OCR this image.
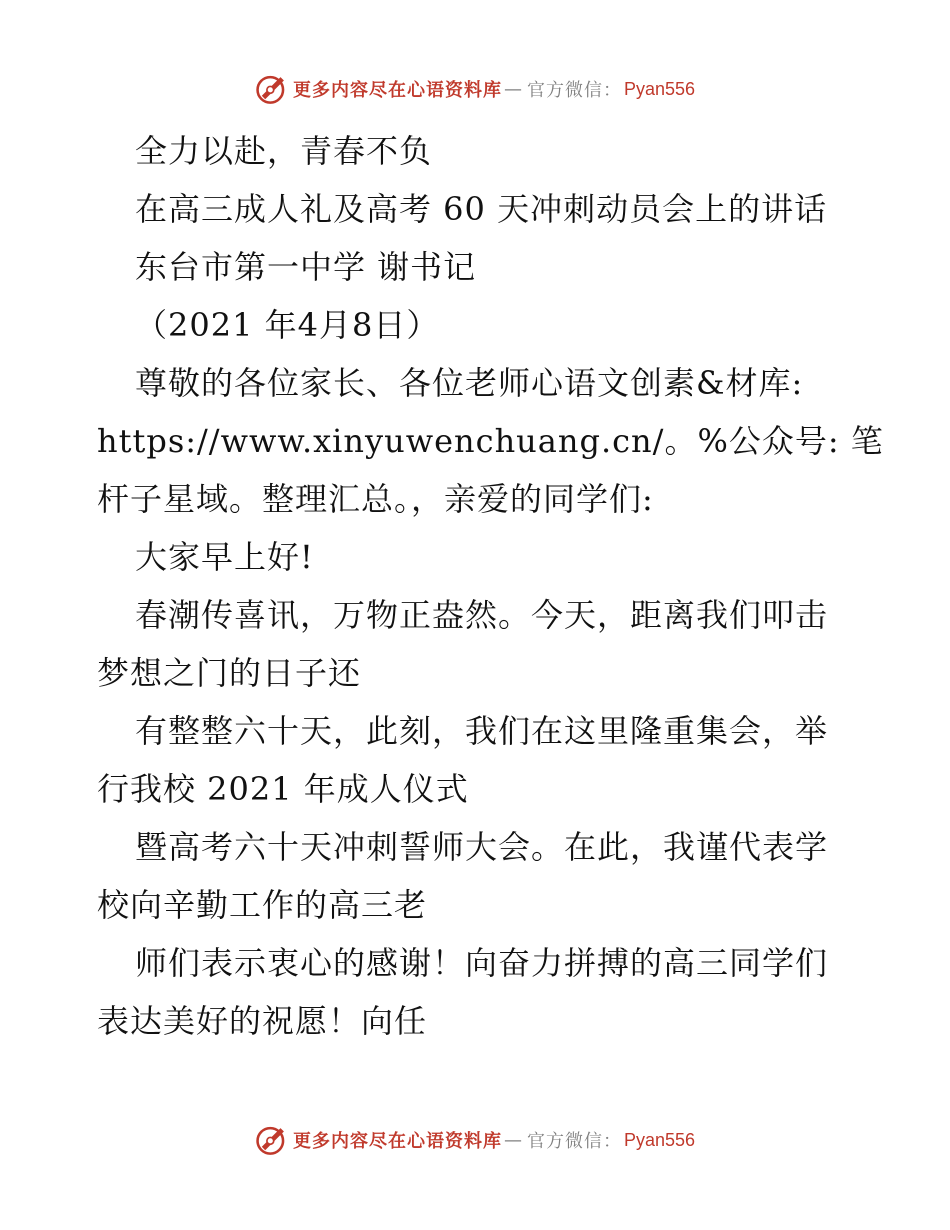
更多内容尽在心语资料库 — 官方微信： Pyan556

全力以赴，青春不负

在高三成人礼及高考 60 天冲刺动员会上的讲话

东台市第一中学 谢书记

（2021 年4月8日）

尊敬的各位家长、各位老师心语文创素&材库:

https://www.xinyuwenchuang.cn/。%公众号: 笔

杆子星域。整理汇总。，亲爱的同学们:

大家早上好!

春潮传喜讯，万物正盎然。今天，距离我们叩击

梦想之门的日子还

有整整六十天，此刻，我们在这里隆重集会，举

行我校 2021 年成人仪式

暨高考六十天冲刺誓师大会。在此，我谨代表学

校向辛勤工作的高三老

师们表示衷心的感谢！向奋力拼搏的高三同学们

表达美好的祝愿！向任

更多内容尽在心语资料库 — 官方微信： Pyan556
